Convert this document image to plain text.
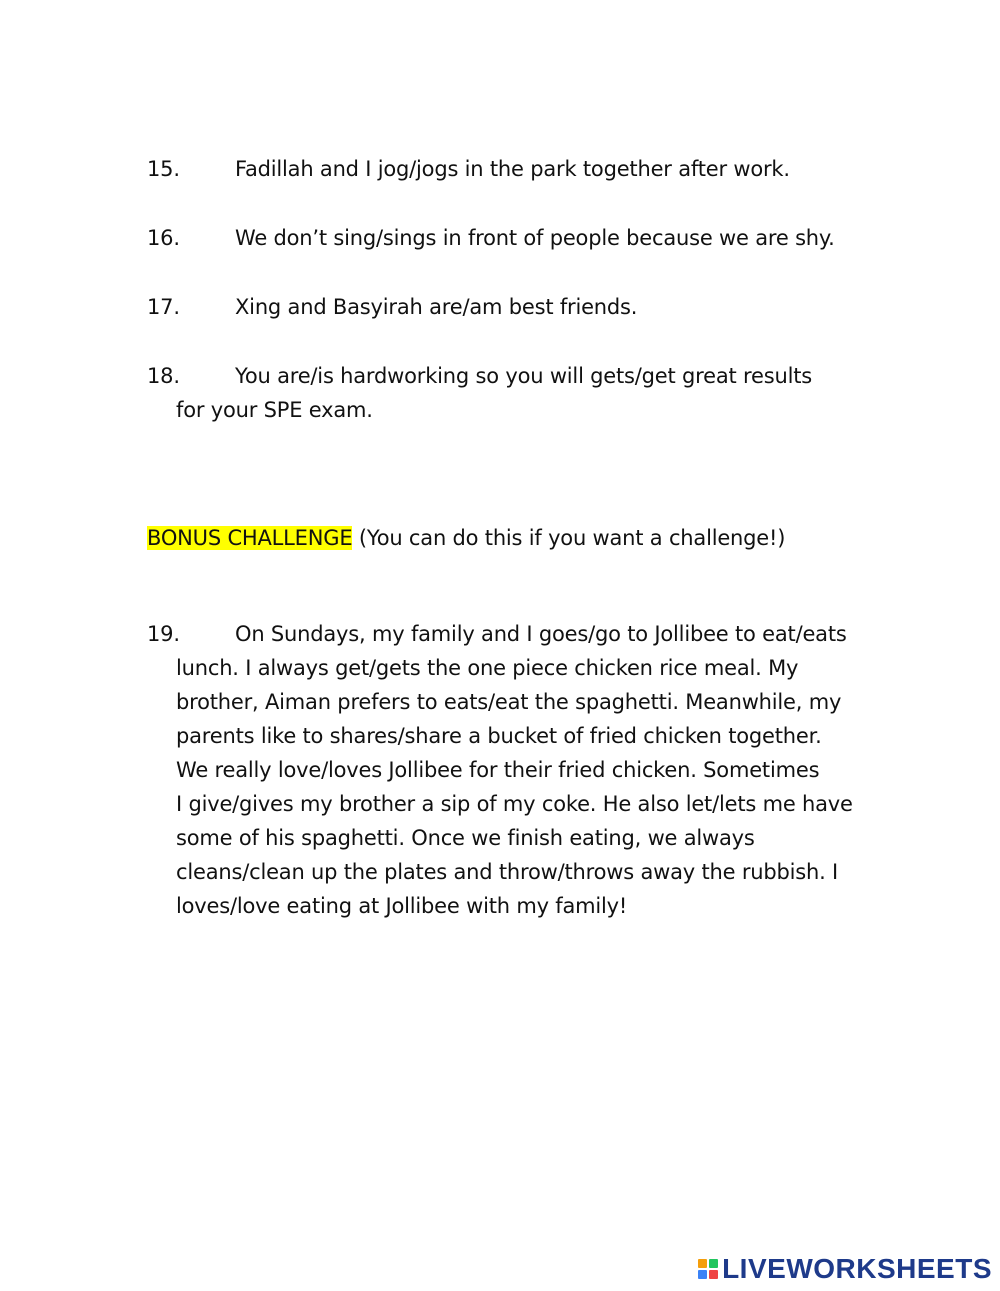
15.	Fadillah and I jog/jogs in the park together after work.
16.	We don’t sing/sings in front of people because we are shy.
17.	Xing and Basyirah are/am best friends.
18.	You are/is hardworking so you will gets/get great results
for your SPE exam.
BONUS CHALLENGE (You can do this if you want a challenge!)
19.	On Sundays, my family and I goes/go to Jollibee to eat/eats
lunch. I always get/gets the one piece chicken rice meal. My
brother, Aiman prefers to eats/eat the spaghetti. Meanwhile, my
parents like to shares/share a bucket of fried chicken together.
We really love/loves Jollibee for their fried chicken. Sometimes
I give/gives my brother a sip of my coke. He also let/lets me have
some of his spaghetti. Once we finish eating, we always
cleans/clean up the plates and throw/throws away the rubbish. I
loves/love eating at Jollibee with my family!
LIVEWORKSHEETS
